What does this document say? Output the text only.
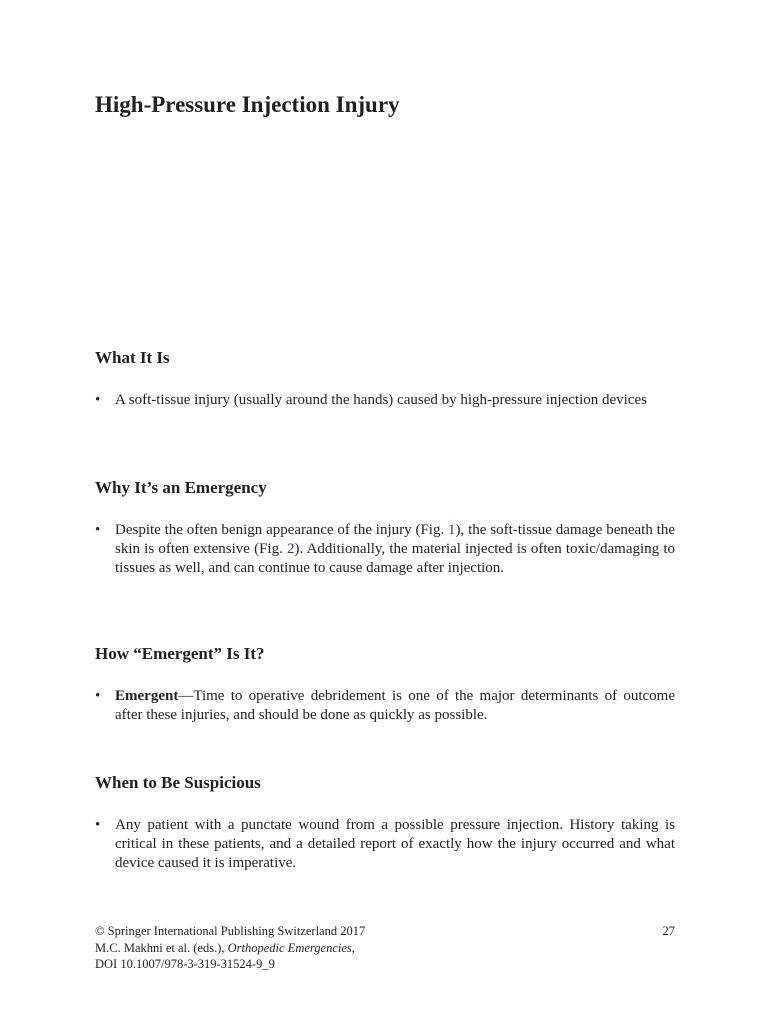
High-Pressure Injection Injury
What It Is
• A soft-tissue injury (usually around the hands) caused by high-pressure injection devices
Why It’s an Emergency
• Despite the often benign appearance of the injury (Fig. 1), the soft-tissue damage beneath the skin is often extensive (Fig. 2). Additionally, the material injected is often toxic/damaging to tissues as well, and can continue to cause damage after injection.
How “Emergent” Is It?
• Emergent—Time to operative debridement is one of the major determinants of outcome after these injuries, and should be done as quickly as possible.
When to Be Suspicious
• Any patient with a punctate wound from a possible pressure injection. History taking is critical in these patients, and a detailed report of exactly how the injury occurred and what device caused it is imperative.
© Springer International Publishing Switzerland 2017
M.C. Makhni et al. (eds.), Orthopedic Emergencies,
DOI 10.1007/978-3-319-31524-9_9
27
